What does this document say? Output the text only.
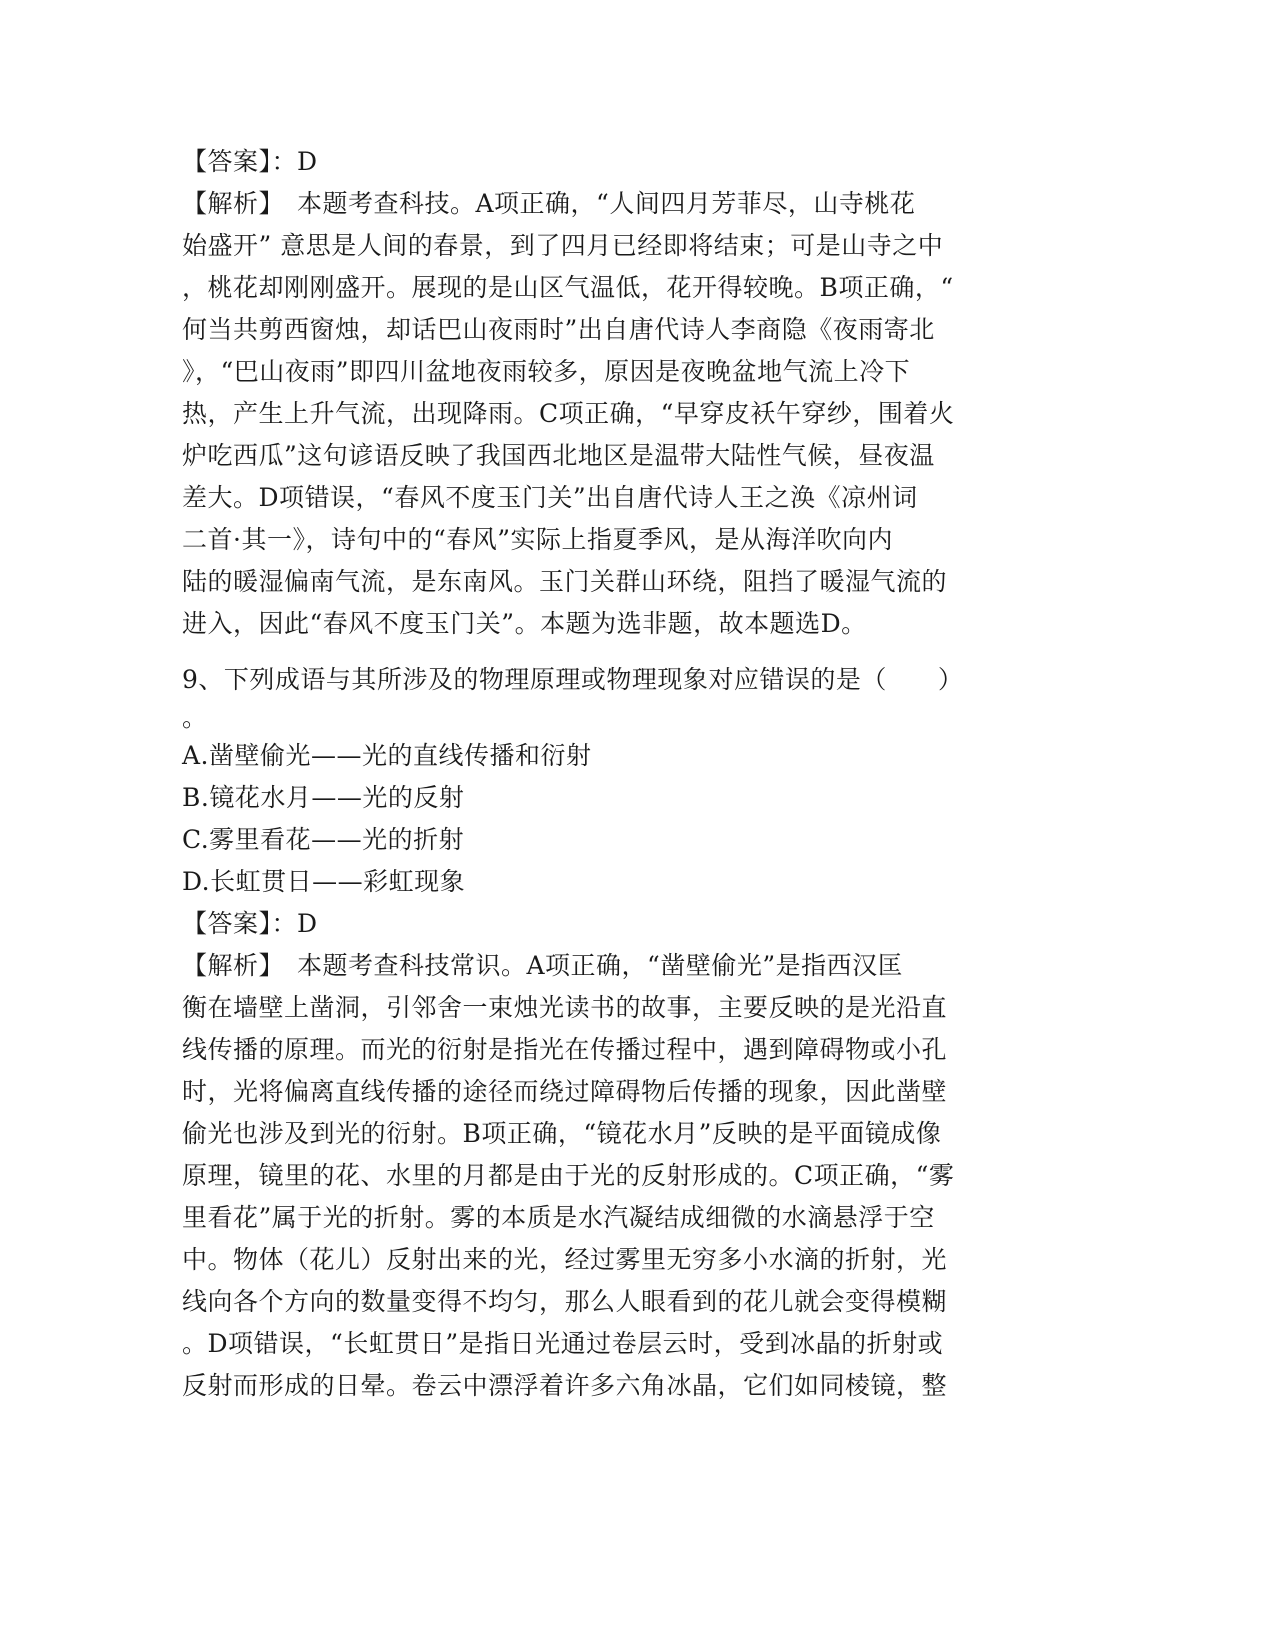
【答案】：D
【解析】　本题考查科技。A项正确，“人间四月芳菲尽，山寺桃花
始盛开” 意思是人间的春景，到了四月已经即将结束；可是山寺之中
，桃花却刚刚盛开。展现的是山区气温低，花开得较晚。B项正确，“
何当共剪西窗烛，却话巴山夜雨时”出自唐代诗人李商隐《夜雨寄北
》，“巴山夜雨”即四川盆地夜雨较多，原因是夜晚盆地气流上冷下
热，产生上升气流，出现降雨。C项正确，“早穿皮袄午穿纱，围着火
炉吃西瓜”这句谚语反映了我国西北地区是温带大陆性气候，昼夜温
差大。D项错误，“春风不度玉门关”出自唐代诗人王之涣《凉州词
二首·其一》，诗句中的“春风”实际上指夏季风，是从海洋吹向内
陆的暖湿偏南气流，是东南风。玉门关群山环绕，阻挡了暖湿气流的
进入，因此“春风不度玉门关”。本题为选非题，故本题选D。
9、下列成语与其所涉及的物理原理或物理现象对应错误的是（　　）
。
A.凿壁偷光——光的直线传播和衍射
B.镜花水月——光的反射
C.雾里看花——光的折射
D.长虹贯日——彩虹现象
【答案】：D
【解析】　本题考查科技常识。A项正确，“凿壁偷光”是指西汉匡
衡在墙壁上凿洞，引邻舍一束烛光读书的故事，主要反映的是光沿直
线传播的原理。而光的衍射是指光在传播过程中，遇到障碍物或小孔
时，光将偏离直线传播的途径而绕过障碍物后传播的现象，因此凿壁
偷光也涉及到光的衍射。B项正确，“镜花水月”反映的是平面镜成像
原理，镜里的花、水里的月都是由于光的反射形成的。C项正确，“雾
里看花”属于光的折射。雾的本质是水汽凝结成细微的水滴悬浮于空
中。物体（花儿）反射出来的光，经过雾里无穷多小水滴的折射，光
线向各个方向的数量变得不均匀，那么人眼看到的花儿就会变得模糊
。D项错误，“长虹贯日”是指日光通过卷层云时，受到冰晶的折射或
反射而形成的日晕。卷云中漂浮着许多六角冰晶，它们如同棱镜，整
